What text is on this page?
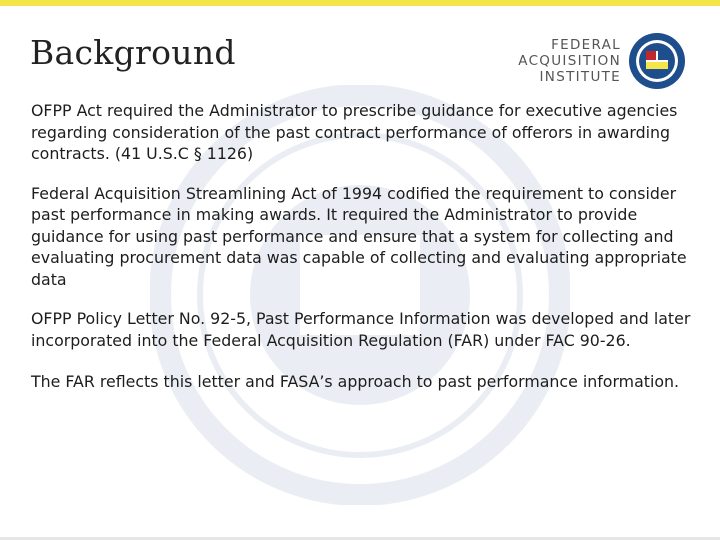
Background	FEDERAL
ACQUISITION
INSTITUTE

OFPP Act required the Administrator to prescribe guidance for executive agencies regarding consideration of the past contract performance of offerors in awarding contracts. (41 U.S.C § 1126)

Federal Acquisition Streamlining Act of 1994 codified the requirement to consider past performance in making awards. It required the Administrator to provide guidance for using past performance and ensure that a system for collecting and evaluating procurement data was capable of collecting and evaluating appropriate data

OFPP Policy Letter No. 92-5, Past Performance Information was developed and later incorporated into the Federal Acquisition Regulation (FAR) under FAC 90-26.

The FAR reflects this letter and FASA’s approach to past performance information.
